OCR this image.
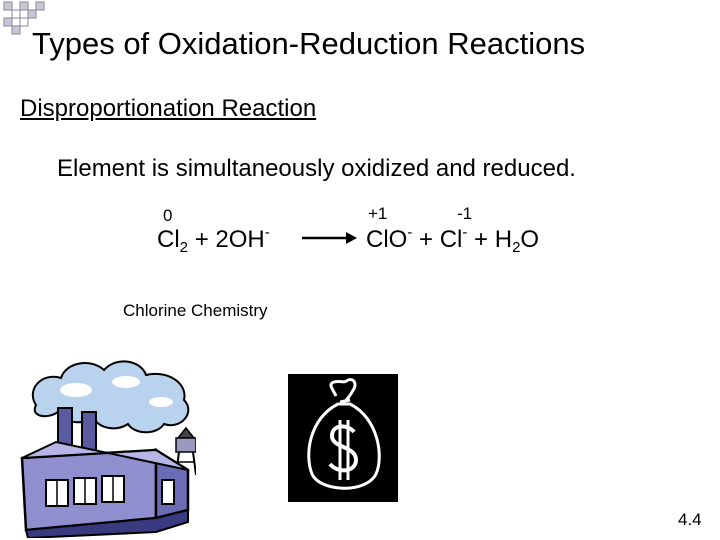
Types of Oxidation-Reduction Reactions
Disproportionation Reaction
Element is simultaneously oxidized and reduced.
0	+1	-1
$Cl_2 + 2OH^- \to ClO^- + Cl^- + H_2O$
Chlorine Chemistry
4.4
